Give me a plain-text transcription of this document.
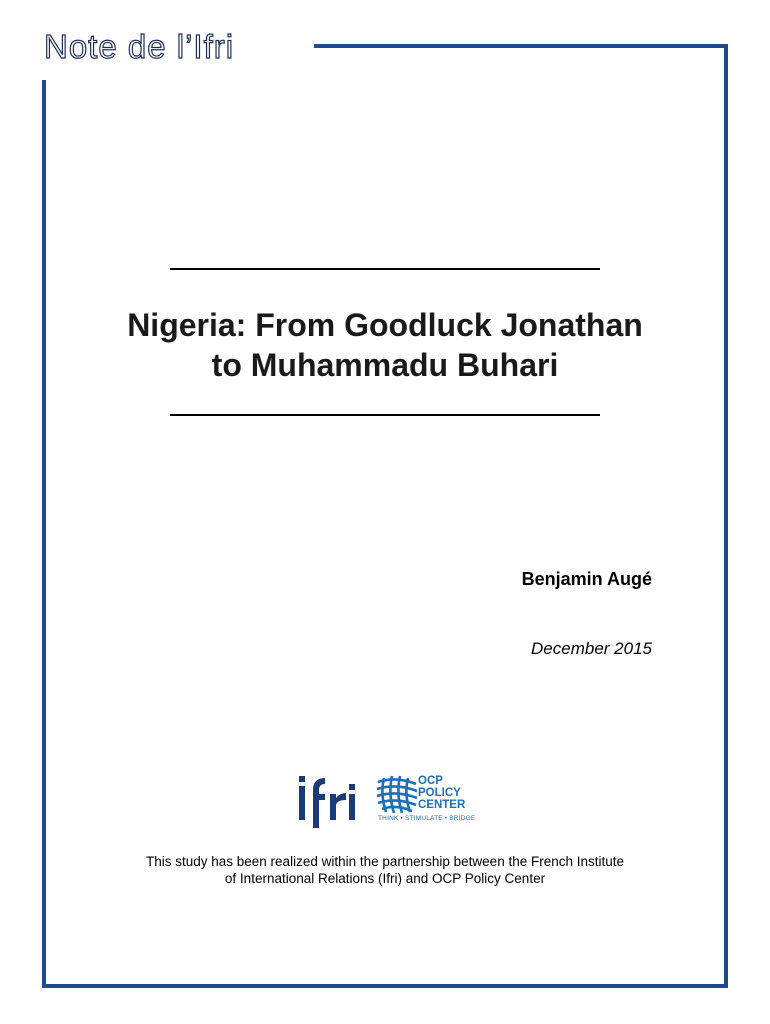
Note de l’Ifri
Nigeria: From Goodluck Jonathan
to Muhammadu Buhari
Benjamin Augé
December 2015
OCP
POLICY
CENTER
THINK • STIMULATE • BRIDGE
This study has been realized within the partnership between the French Institute
of International Relations (Ifri) and OCP Policy Center
